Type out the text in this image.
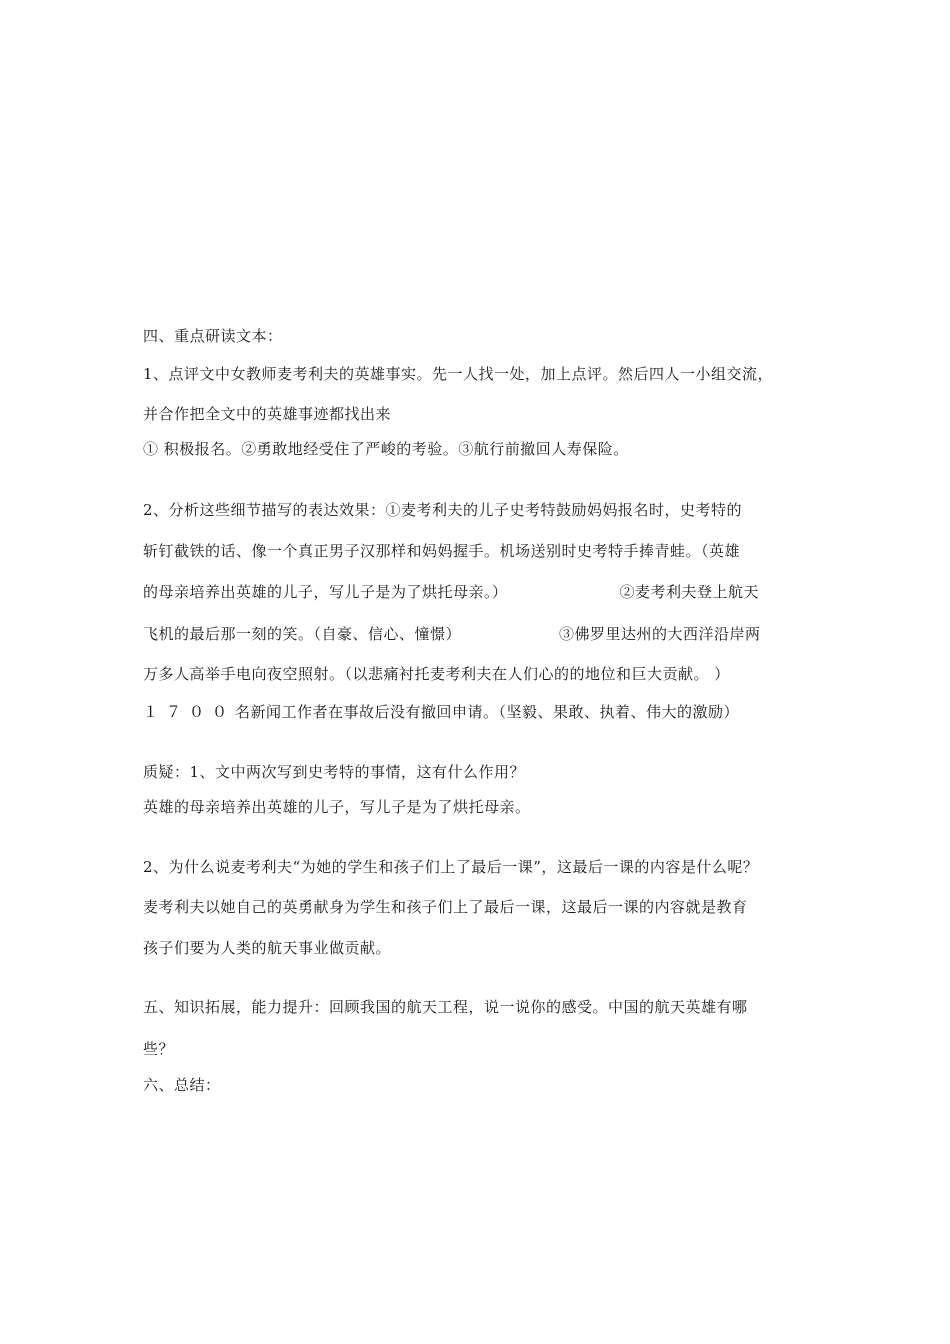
四、重点研读文本：
1、点评文中女教师麦考利夫的英雄事实。先一人找一处，加上点评。然后四人一小组交流，
并合作把全文中的英雄事迹都找出来
① 积极报名。②勇敢地经受住了严峻的考验。③航行前撤回人寿保险。
2、分析这些细节描写的表达效果：①麦考利夫的儿子史考特鼓励妈妈报名时，史考特的
斩钉截铁的话、像一个真正男子汉那样和妈妈握手。机场送别时史考特手捧青蛙。（英雄
的母亲培养出英雄的儿子，写儿子是为了烘托母亲。）	②麦考利夫登上航天
飞机的最后那一刻的笑。（自豪、信心、憧憬）	③佛罗里达州的大西洋沿岸两
万多人高举手电向夜空照射。（以悲痛衬托麦考利夫在人们心的的地位和巨大贡献。 ）
１７００名新闻工作者在事故后没有撤回申请。（坚毅、果敢、执着、伟大的激励）
质疑：1、文中两次写到史考特的事情，这有什么作用？
英雄的母亲培养出英雄的儿子，写儿子是为了烘托母亲。
2、为什么说麦考利夫“为她的学生和孩子们上了最后一课”，这最后一课的内容是什么呢？
麦考利夫以她自己的英勇献身为学生和孩子们上了最后一课，这最后一课的内容就是教育
孩子们要为人类的航天事业做贡献。
五、知识拓展，能力提升：回顾我国的航天工程，说一说你的感受。中国的航天英雄有哪
些？
六、总结：
